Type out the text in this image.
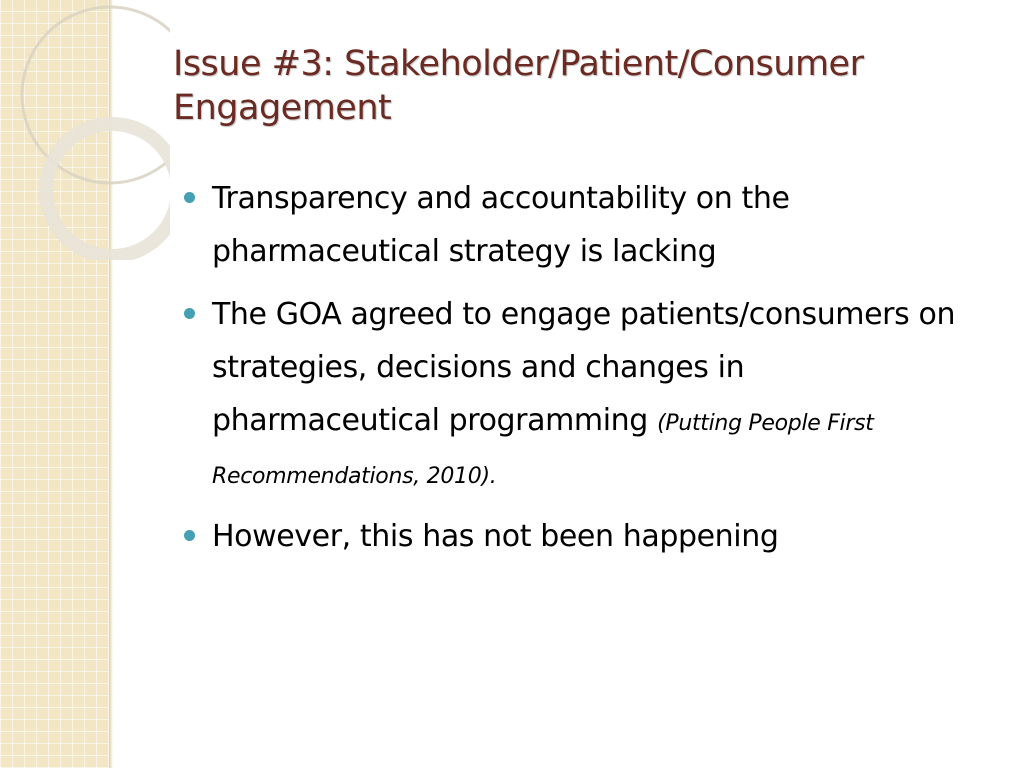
Issue #3: Stakeholder/Patient/Consumer Engagement
Transparency and accountability on the pharmaceutical strategy is lacking
The GOA agreed to engage patients/consumers on strategies, decisions and changes in pharmaceutical programming (Putting People First Recommendations, 2010).
However, this has not been happening
